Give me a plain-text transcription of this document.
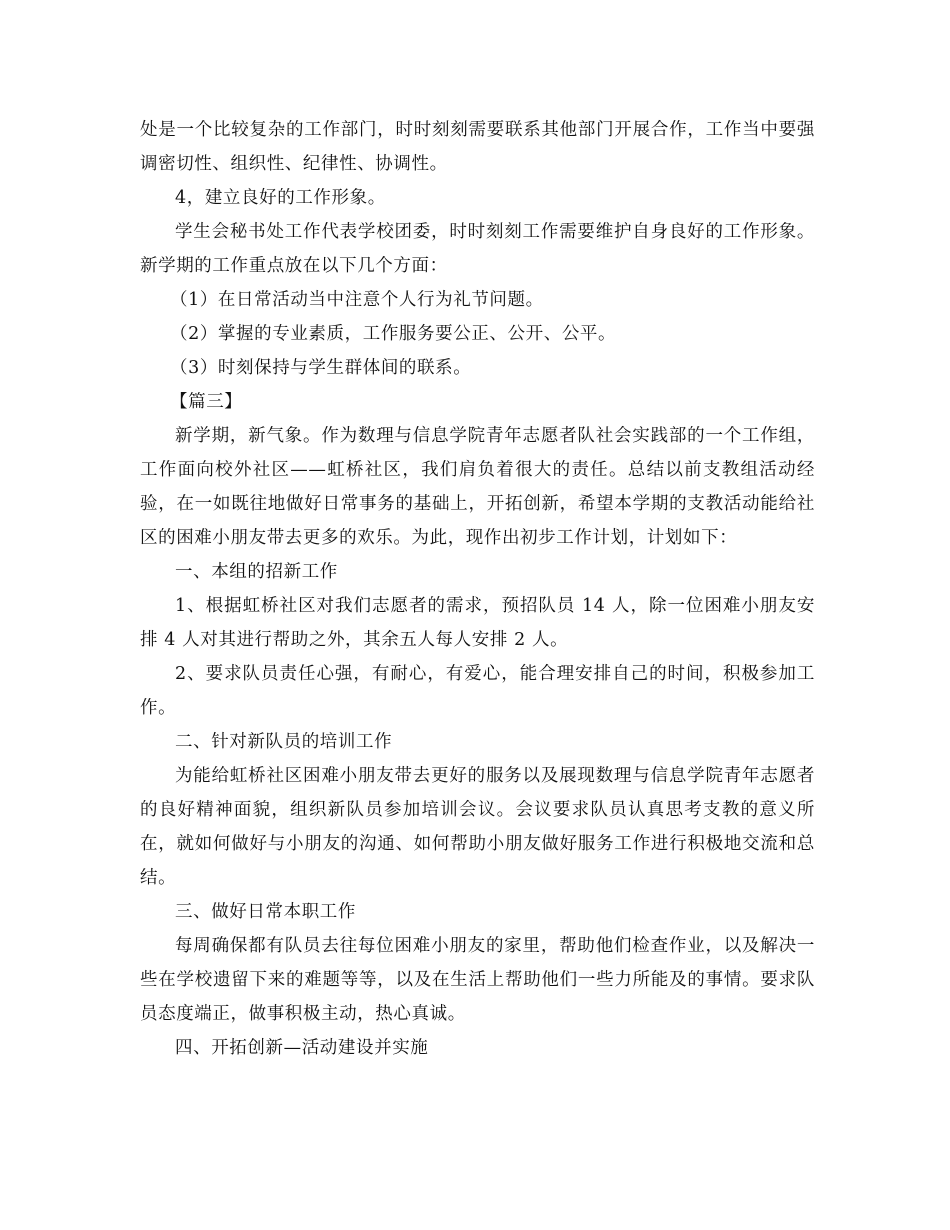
处是一个比较复杂的工作部门，时时刻刻需要联系其他部门开展合作，工作当中要强调密切性、组织性、纪律性、协调性。

4，建立良好的工作形象。

学生会秘书处工作代表学校团委，时时刻刻工作需要维护自身良好的工作形象。新学期的工作重点放在以下几个方面：

（1）在日常活动当中注意个人行为礼节问题。

（2）掌握的专业素质，工作服务要公正、公开、公平。

（3）时刻保持与学生群体间的联系。

【篇三】

新学期，新气象。作为数理与信息学院青年志愿者队社会实践部的一个工作组，工作面向校外社区——虹桥社区，我们肩负着很大的责任。总结以前支教组活动经验，在一如既往地做好日常事务的基础上，开拓创新，希望本学期的支教活动能给社区的困难小朋友带去更多的欢乐。为此，现作出初步工作计划，计划如下：

一、本组的招新工作

1、根据虹桥社区对我们志愿者的需求，预招队员 14 人，除一位困难小朋友安排 4 人对其进行帮助之外，其余五人每人安排 2 人。

2、要求队员责任心强，有耐心，有爱心，能合理安排自己的时间，积极参加工作。

二、针对新队员的培训工作

为能给虹桥社区困难小朋友带去更好的服务以及展现数理与信息学院青年志愿者的良好精神面貌，组织新队员参加培训会议。会议要求队员认真思考支教的意义所在，就如何做好与小朋友的沟通、如何帮助小朋友做好服务工作进行积极地交流和总结。

三、做好日常本职工作

每周确保都有队员去往每位困难小朋友的家里，帮助他们检查作业，以及解决一些在学校遗留下来的难题等等，以及在生活上帮助他们一些力所能及的事情。要求队员态度端正，做事积极主动，热心真诚。

四、开拓创新—活动建设并实施
